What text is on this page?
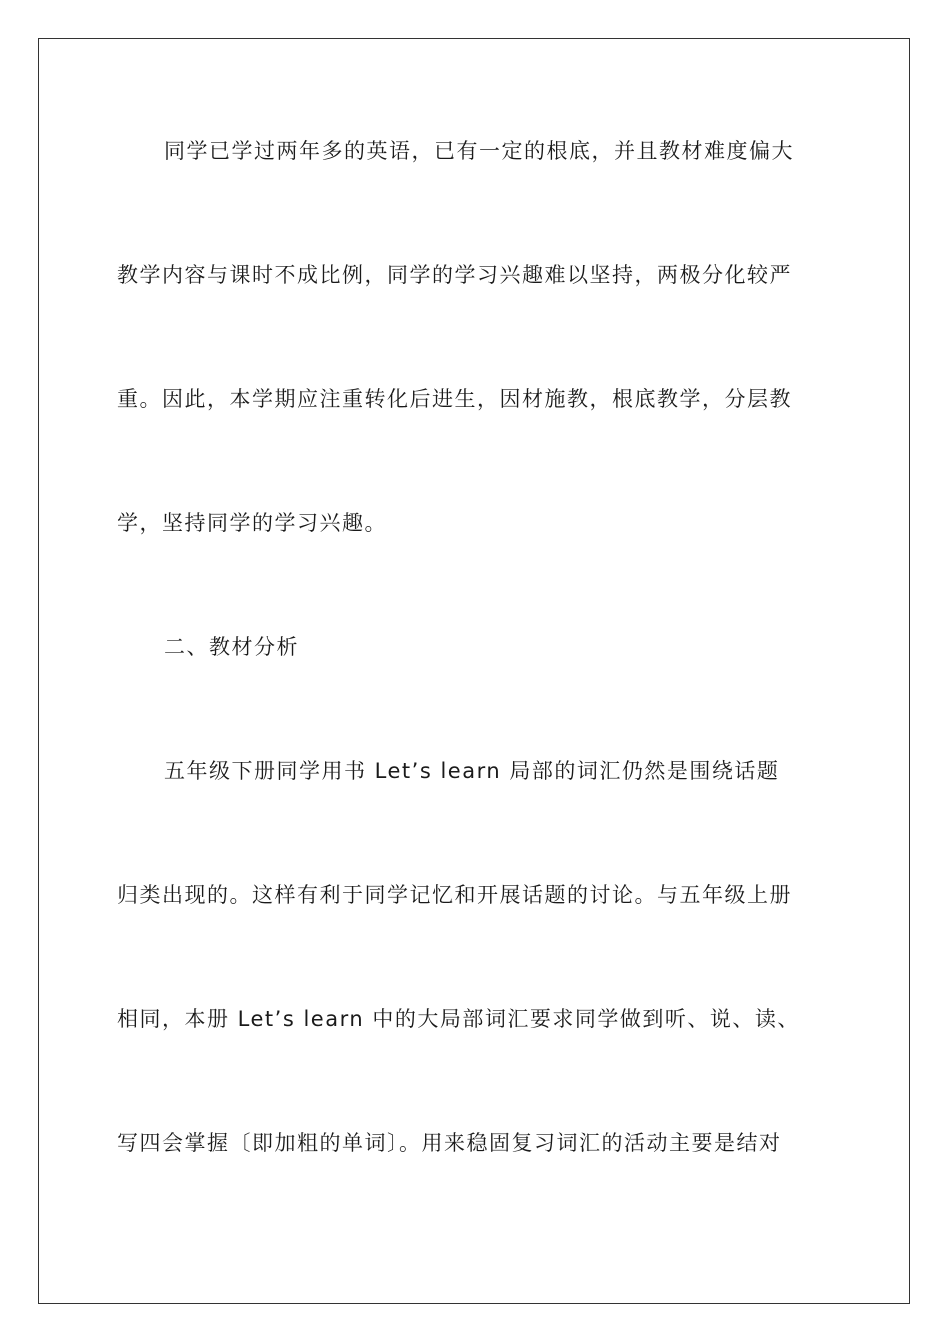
同学已学过两年多的英语，已有一定的根底，并且教材难度偏大
教学内容与课时不成比例，同学的学习兴趣难以坚持，两极分化较严
重。因此，本学期应注重转化后进生，因材施教，根底教学，分层教
学，坚持同学的学习兴趣。
二、教材分析
五年级下册同学用书 Let’s learn 局部的词汇仍然是围绕话题
归类出现的。这样有利于同学记忆和开展话题的讨论。与五年级上册
相同，本册 Let’s learn 中的大局部词汇要求同学做到听、说、读、
写四会掌握〔即加粗的单词〕。用来稳固复习词汇的活动主要是结对
